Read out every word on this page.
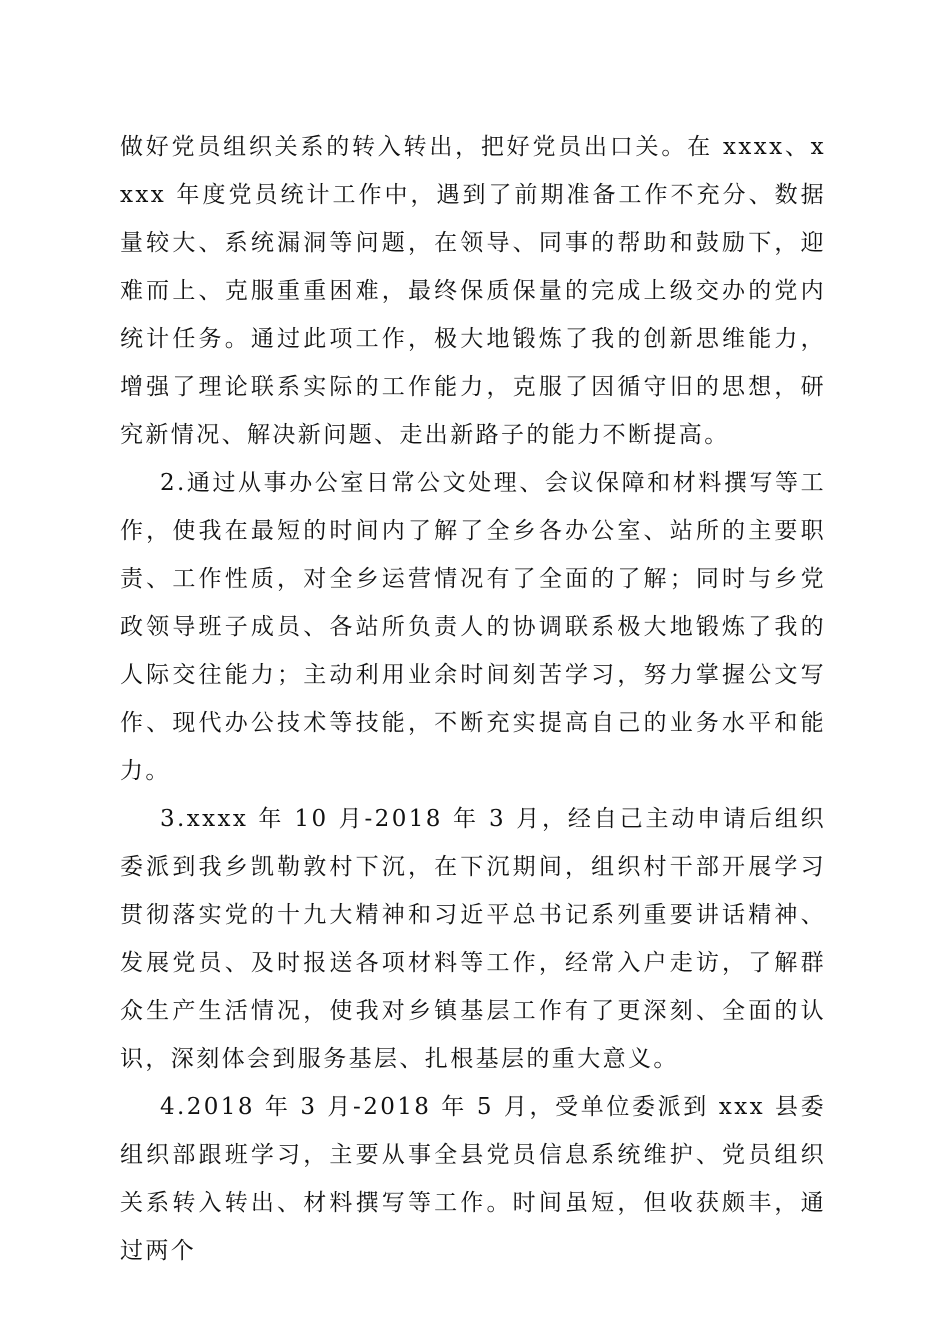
做好党员组织关系的转入转出，把好党员出口关。在 xxxx、xxxx 年度党员统计工作中，遇到了前期准备工作不充分、数据量较大、系统漏洞等问题，在领导、同事的帮助和鼓励下，迎难而上、克服重重困难，最终保质保量的完成上级交办的党内统计任务。通过此项工作，极大地锻炼了我的创新思维能力，增强了理论联系实际的工作能力，克服了因循守旧的思想，研究新情况、解决新问题、走出新路子的能力不断提高。

2.通过从事办公室日常公文处理、会议保障和材料撰写等工作，使我在最短的时间内了解了全乡各办公室、站所的主要职责、工作性质，对全乡运营情况有了全面的了解；同时与乡党政领导班子成员、各站所负责人的协调联系极大地锻炼了我的人际交往能力；主动利用业余时间刻苦学习，努力掌握公文写作、现代办公技术等技能，不断充实提高自己的业务水平和能力。

3.xxxx 年 10 月-2018 年 3 月，经自己主动申请后组织委派到我乡凯勒敦村下沉，在下沉期间，组织村干部开展学习贯彻落实党的十九大精神和习近平总书记系列重要讲话精神、发展党员、及时报送各项材料等工作，经常入户走访，了解群众生产生活情况，使我对乡镇基层工作有了更深刻、全面的认识，深刻体会到服务基层、扎根基层的重大意义。

4.2018 年 3 月-2018 年 5 月，受单位委派到 xxx 县委组织部跟班学习，主要从事全县党员信息系统维护、党员组织关系转入转出、材料撰写等工作。时间虽短，但收获颇丰，通过两个
